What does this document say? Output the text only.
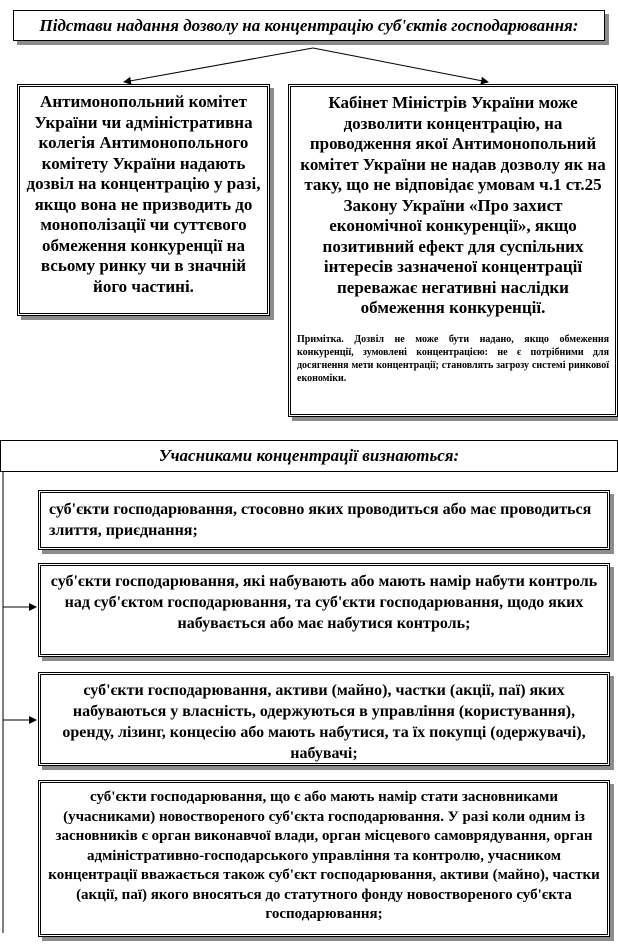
Підстави надання дозволу на концентрацію суб'єктів господарювання:
Антимонопольний комітет України чи адміністративна колегія Антимонопольного комітету України надають дозвіл на концентрацію у разі, якщо вона не призводить до монополізації чи суттєвого обмеження конкуренції на всьому ринку чи в значній його частині.
Кабінет Міністрів України може дозволити концентрацію, на проводження якої Антимонопольний комітет України не надав дозволу як на таку, що не відповідає умовам ч.1 ст.25 Закону України «Про захист економічної конкуренції», якщо позитивний ефект для суспільних інтересів зазначеної концентрації переважає негативні наслідки обмеження конкуренції.
Примітка. Дозвіл не може бути надано, якщо обмеження конкуренції, зумовлені концентрацією: не є потрібними для досягнення мети концентрації; становлять загрозу системі ринкової економіки.
Учасниками концентрації визнаються:
суб'єкти господарювання, стосовно яких проводиться або має проводиться злиття, приєднання;
суб'єкти господарювання, які набувають або мають намір набути контроль над суб'єктом господарювання, та суб'єкти господарювання, щодо яких набувається або має набутися контроль;
суб'єкти господарювання, активи (майно), частки (акції, паї) яких набуваються у власність, одержуються в управління (користування), оренду, лізинг, концесію або мають набутися, та їх покупці (одержувачі), набувачі;
суб'єкти господарювання, що є або мають намір стати засновниками (учасниками) новоствореного суб'єкта господарювання. У разі коли одним із засновників є орган виконавчої влади, орган місцевого самоврядування, орган адміністративно-господарського управління та контролю, учасником концентрації вважається також суб'єкт господарювання, активи (майно), частки (акції, паї) якого вносяться до статутного фонду новоствореного суб'єкта господарювання;
